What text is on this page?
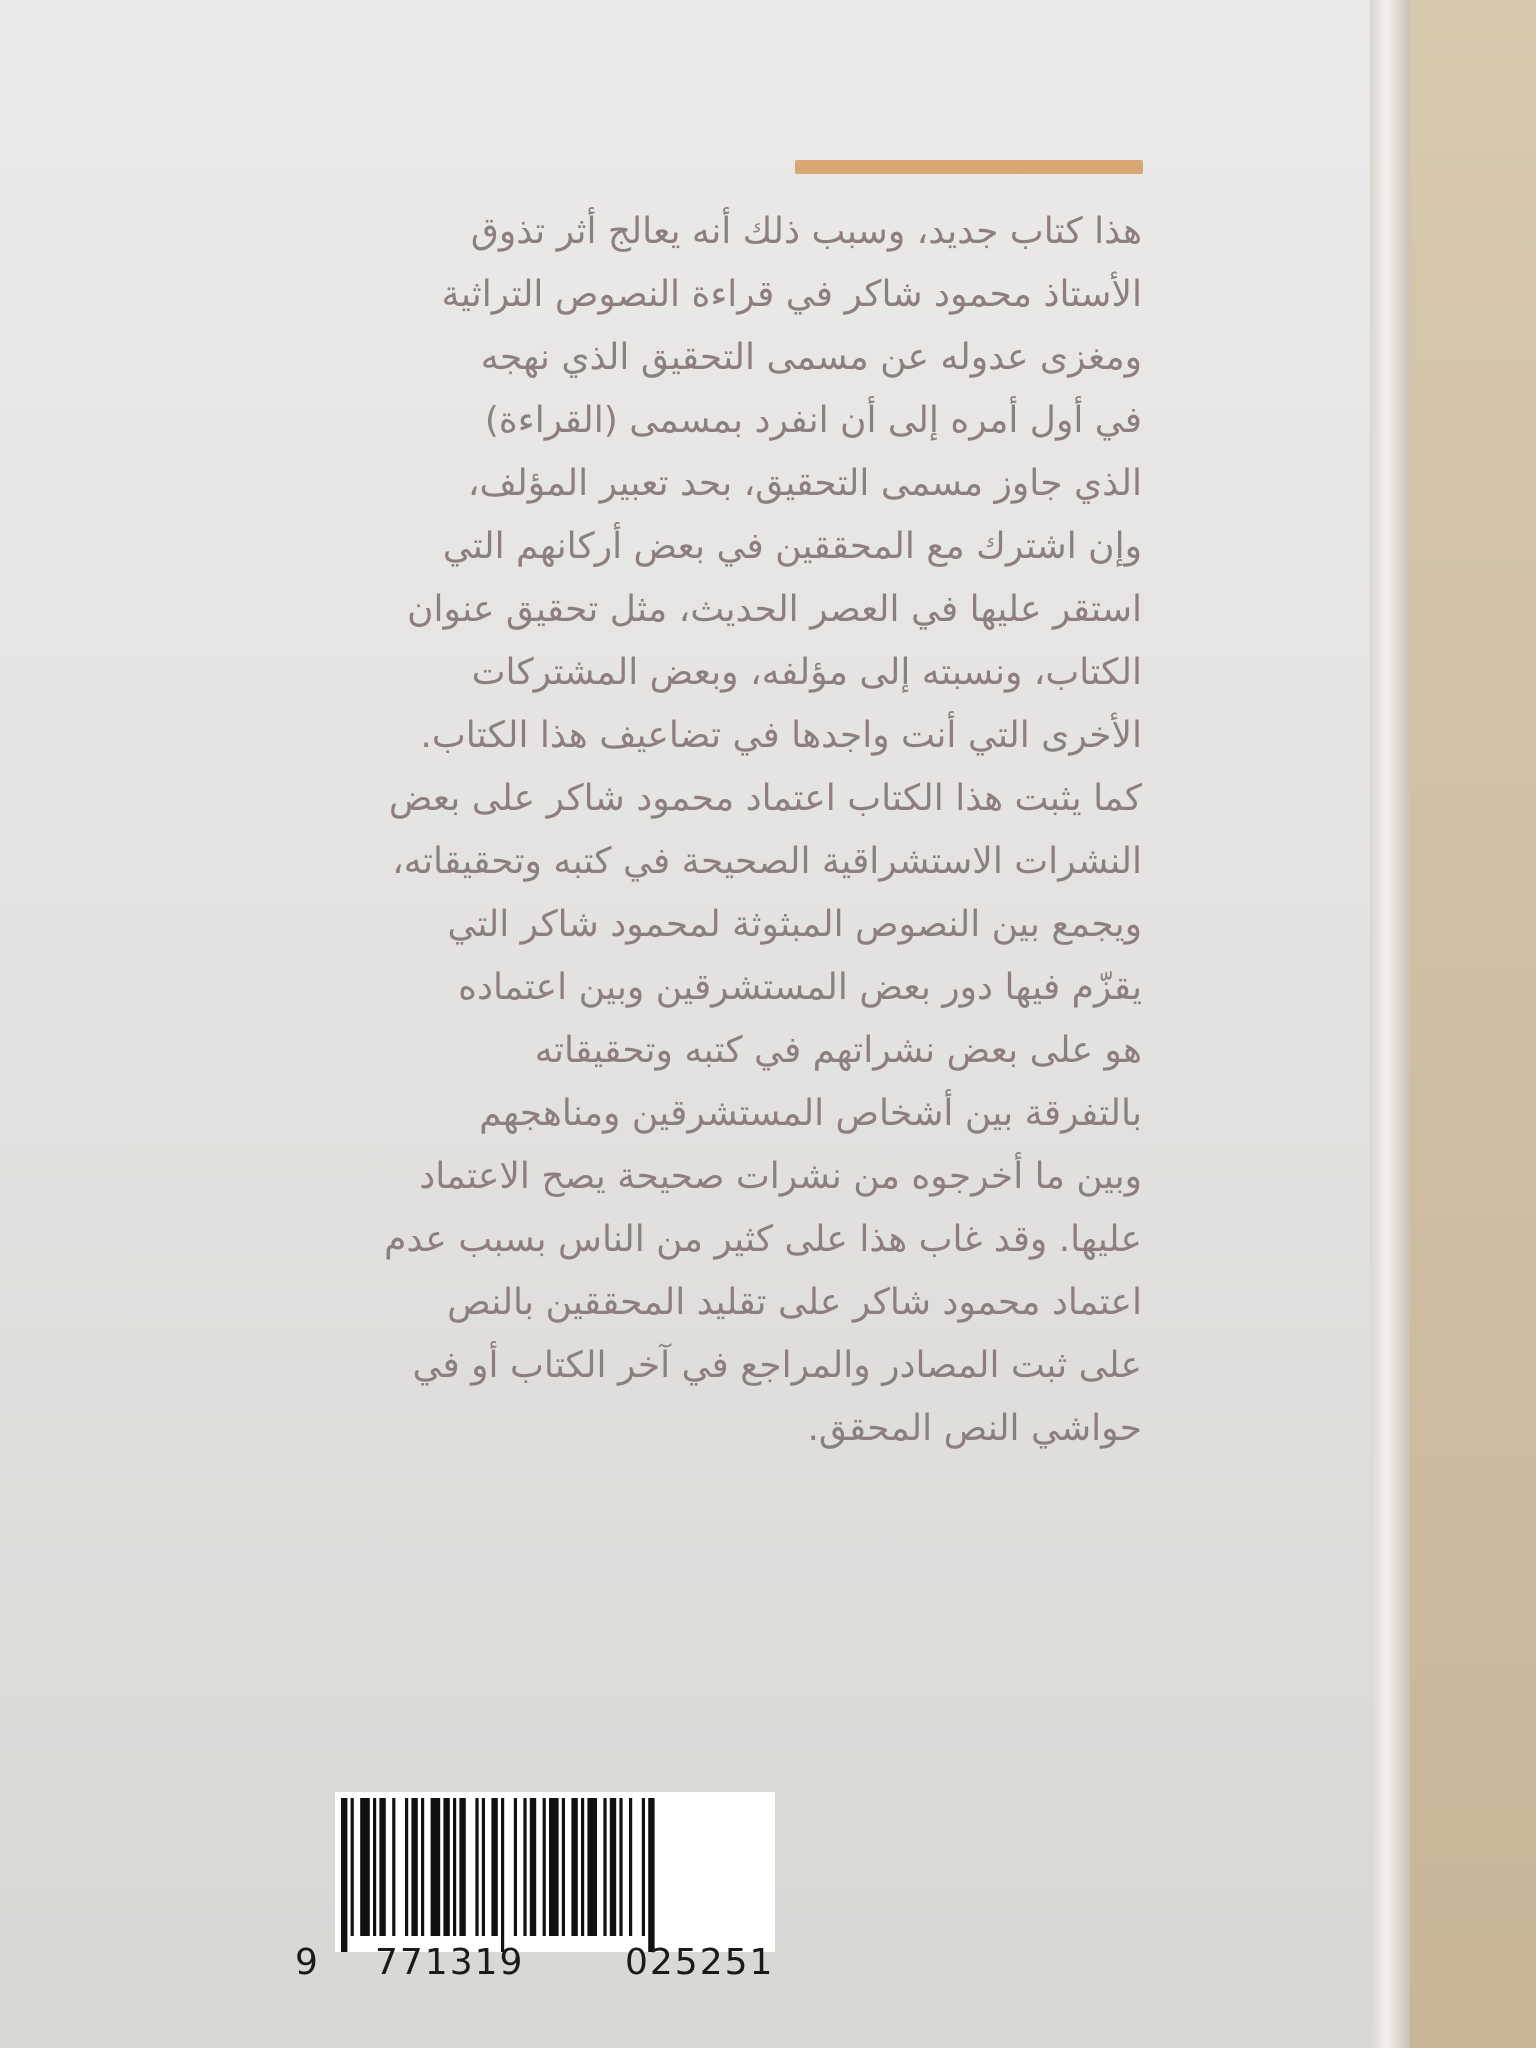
هذا كتاب جديد، وسبب ذلك أنه يعالج أثر تذوق
الأستاذ محمود شاكر في قراءة النصوص التراثية
ومغزى عدوله عن مسمى التحقيق الذي نهجه
في أول أمره إلى أن انفرد بمسمى (القراءة)
الذي جاوز مسمى التحقيق، بحد تعبير المؤلف،
وإن اشترك مع المحققين في بعض أركانهم التي
استقر عليها في العصر الحديث، مثل تحقيق عنوان
الكتاب، ونسبته إلى مؤلفه، وبعض المشتركات
الأخرى التي أنت واجدها في تضاعيف هذا الكتاب.
كما يثبت هذا الكتاب اعتماد محمود شاكر على بعض
النشرات الاستشراقية الصحيحة في كتبه وتحقيقاته،
ويجمع بين النصوص المبثوثة لمحمود شاكر التي
يقزّم فيها دور بعض المستشرقين وبين اعتماده
هو على بعض نشراتهم في كتبه وتحقيقاته
بالتفرقة بين أشخاص المستشرقين ومناهجهم
وبين ما أخرجوه من نشرات صحيحة يصح الاعتماد
عليها. وقد غاب هذا على كثير من الناس بسبب عدم
اعتماد محمود شاكر على تقليد المحققين بالنص
على ثبت المصادر والمراجع في آخر الكتاب أو في
حواشي النص المحقق.
9 771319	025251
